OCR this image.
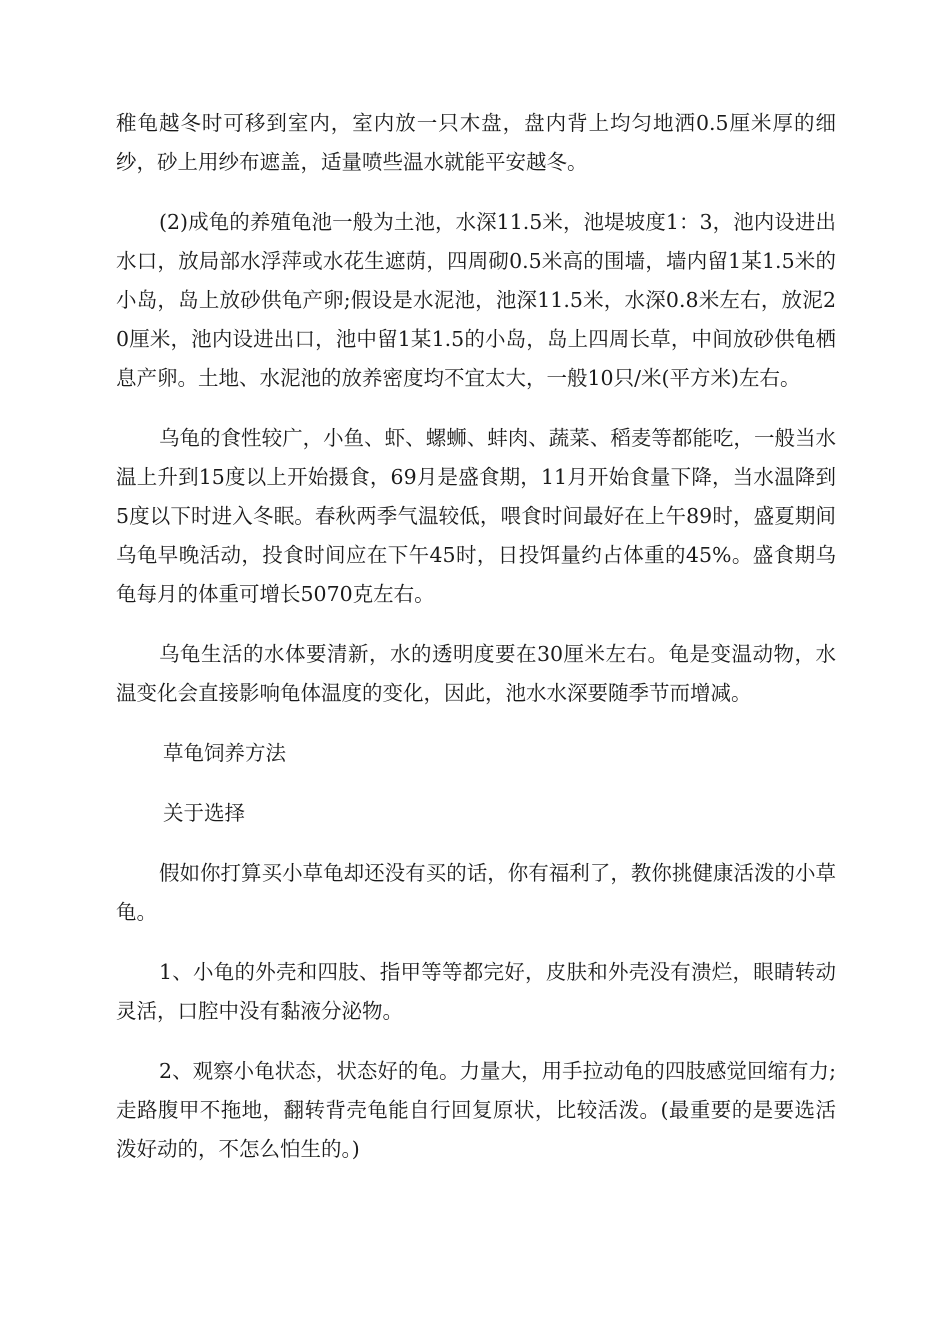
稚龟越冬时可移到室内，室内放一只木盘，盘内背上均匀地洒0.5厘米厚的细纱，砂上用纱布遮盖，适量喷些温水就能平安越冬。

(2)成龟的养殖龟池一般为土池，水深11.5米，池堤坡度1：3，池内设进出水口，放局部水浮萍或水花生遮荫，四周砌0.5米高的围墙，墙内留1某1.5米的小岛，岛上放砂供龟产卵;假设是水泥池，池深11.5米，水深0.8米左右，放泥20厘米，池内设进出口，池中留1某1.5的小岛，岛上四周长草，中间放砂供龟栖息产卵。土地、水泥池的放养密度均不宜太大，一般10只/米(平方米)左右。

乌龟的食性较广，小鱼、虾、螺蛳、蚌肉、蔬菜、稻麦等都能吃，一般当水温上升到15度以上开始摄食，69月是盛食期，11月开始食量下降，当水温降到5度以下时进入冬眠。春秋两季气温较低，喂食时间最好在上午89时，盛夏期间乌龟早晚活动，投食时间应在下午45时，日投饵量约占体重的45%。盛食期乌龟每月的体重可增长5070克左右。

乌龟生活的水体要清新，水的透明度要在30厘米左右。龟是变温动物，水温变化会直接影响龟体温度的变化，因此，池水水深要随季节而增减。

草龟饲养方法

关于选择

假如你打算买小草龟却还没有买的话，你有福利了，教你挑健康活泼的小草龟。

1、小龟的外壳和四肢、指甲等等都完好，皮肤和外壳没有溃烂，眼睛转动灵活，口腔中没有黏液分泌物。

2、观察小龟状态，状态好的龟。力量大，用手拉动龟的四肢感觉回缩有力;走路腹甲不拖地，翻转背壳龟能自行回复原状，比较活泼。(最重要的是要选活泼好动的，不怎么怕生的。)
